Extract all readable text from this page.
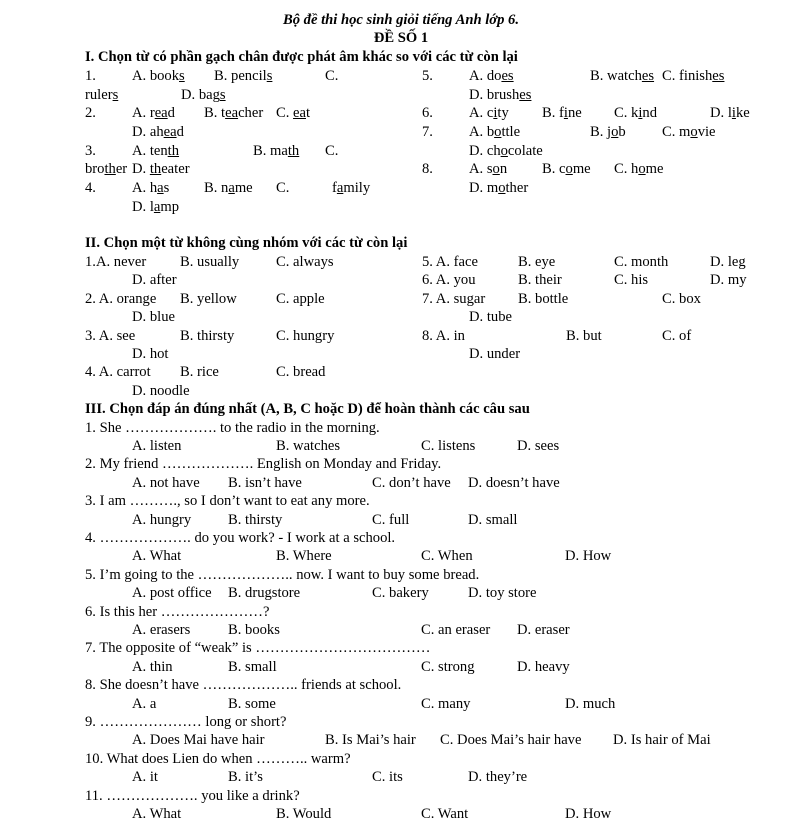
Bộ đề thi học sinh giỏi tiếng Anh lớp 6.
ĐỀ SỐ 1
I. Chọn từ có phần gạch chân được phát âm khác so với các từ còn lại
1. A. books B. pencils	C.
rulers	D. bags
5. A. does	B. watches C. finishes
D. brushes
2. A. read B. teacher C. eat
D. ahead
6. A. city B. fine C. kind	D. like
7. A. bottle	B. job C. movie
D. chocolate
3. A. tenth	B. math C.
brother D. theater	8. A. son B. come C. home
D. mother
4. A. has B. name C.	family
D. lamp
II. Chọn một từ không cùng nhóm với các từ còn lại
1.A. never B. usually	C. always
D. after
5. A. face	B. eye	C. month	D. leg
6. A. you	B. their	C. his	D. my
2. A. orange B. yellow	C. apple
D. blue
7. A. sugar B. bottle	C. box
D. tube
3. A. see	B. thirsty	C. hungry
D. hot
8. A. in	B. but	C. of
D. under
4. A. carrot B. rice	C. bread
D. noodle
III. Chọn đáp án đúng nhất (A, B, C hoặc D) để hoàn thành các câu sau
1. She ………………. to the radio in the morning.
A. listen	B. watches	C. listens	D. sees
2. My friend ………………. English on Monday and Friday.
A. not have B. isn’t have	C. don’t have D. doesn’t have
3. I am ………., so I don’t want to eat any more.
A. hungry	B. thirsty	C. full	D. small
4. ………………. do you work? - I work at a school.
A. What	B. Where	C. When	D. How
5. I’m going to the ……………….. now. I want to buy some bread.
A. post office B. drugstore	C. bakery	D. toy store
6. Is this her …………………?
A. erasers	B. books	C. an eraser D. eraser
7. The opposite of “weak” is ………………………………
A. thin	B. small	C. strong	D. heavy
8. She doesn’t have ……………….. friends at school.
A. a	B. some	C. many	D. much
9. ………………… long or short?
A. Does Mai have hair	B. Is Mai’s hair C. Does Mai’s hair have D. Is hair of Mai
10. What does Lien do when ……….. warm?
A. it	B. it’s	C. its	D. they’re
11. ………………. you like a drink?
A. What	B. Would	C. Want	D. How
